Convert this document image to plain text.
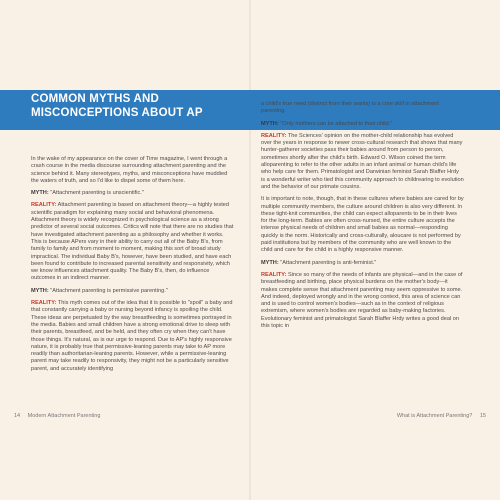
COMMON MYTHS AND
MISCONCEPTIONS ABOUT AP

In the wake of my appearance on the cover of Time magazine, I went through a crash course in the media discourse surrounding attachment parenting and the science behind it. Many stereotypes, myths, and misconceptions have muddied the waters of truth, and so I'd like to dispel some of them here.

MYTH: "Attachment parenting is unscientific."

REALITY: Attachment parenting is based on attachment theory—a highly tested scientific paradigm for explaining many social and behavioral phenomena. Attachment theory is widely recognized in psychological science as a strong predictor of several social outcomes. Critics will note that there are no studies that have investigated attachment parenting as a philosophy and whether it works. This is because APers vary in their ability to carry out all of the Baby B's, from family to family and from moment to moment, making this sort of broad study impractical. The individual Baby B's, however, have been studied, and have each been found to contribute to increased parental sensitivity and responsivity, which we know influences attachment quality. The Baby B's, then, do influence outcomes in an indirect manner.

MYTH: "Attachment parenting is permissive parenting."

REALITY: This myth comes out of the idea that it is possible to "spoil" a baby and that constantly carrying a baby or nursing beyond infancy is spoiling the child. These ideas are perpetuated by the way breastfeeding is sometimes portrayed in the media. Babies and small children have a strong emotional drive to sleep with their parents, breastfeed, and be held, and they often cry when they can't have those things. It's natural, as is our urge to respond. Due to AP's highly responsive nature, it is probably true that permissive-leaning parents may take to AP more readily than authoritarian-leaning parents. However, while a permissive-leaning parent may take readily to responsivity, they might not be a particularly sensitive parent, and accurately identifying

a child's true need (distinct from their wants) is a core skill in attachment parenting.

MYTH: "Only mothers can be attached to their child."

REALITY: The Sciences' opinion on the mother-child relationship has evolved over the years in response to newer cross-cultural research that shows that many hunter-gatherer societies pass their babies around from person to person, sometimes shortly after the child's birth. Edward O. Wilson coined the term alloparenting to refer to the other adults in an infant animal or human child's life who help care for them. Primatologist and Darwinian feminist Sarah Blaffer Hrdy is a wonderful writer who tied this community approach to childrearing to evolution and the behavior of our primate cousins.

It is important to note, though, that in these cultures where babies are cared for by multiple community members, the culture around children is also very different. In these tight-knit communities, the child can expect alloparents to be in their lives for the long-term. Babies are often cross-nursed, the entire culture accepts the intense physical needs of children and small babies as normal—responding quickly is the norm. Historically and cross-culturally, aloucare is not performed by paid institutions but by members of the community who are well known to the child and care for the child in a highly responsive manner.

MYTH: "Attachment parenting is anti-feminist."

REALITY: Since so many of the needs of infants are physical—and in the case of breastfeeding and birthing, place physical burdens on the mother's body—it makes complete sense that attachment parenting may seem oppressive to some. And indeed, deployed wrongly and in the wrong context, this area of science can and is used to control women's bodies—such as in the context of religious extremism, where women's bodies are regarded as baby-making factories. Evolutionary feminist and primatologist Sarah Blaffer Hrdy writes a good deal on this topic in

14 Modern Attachment Parenting	What is Attachment Parenting? 15
